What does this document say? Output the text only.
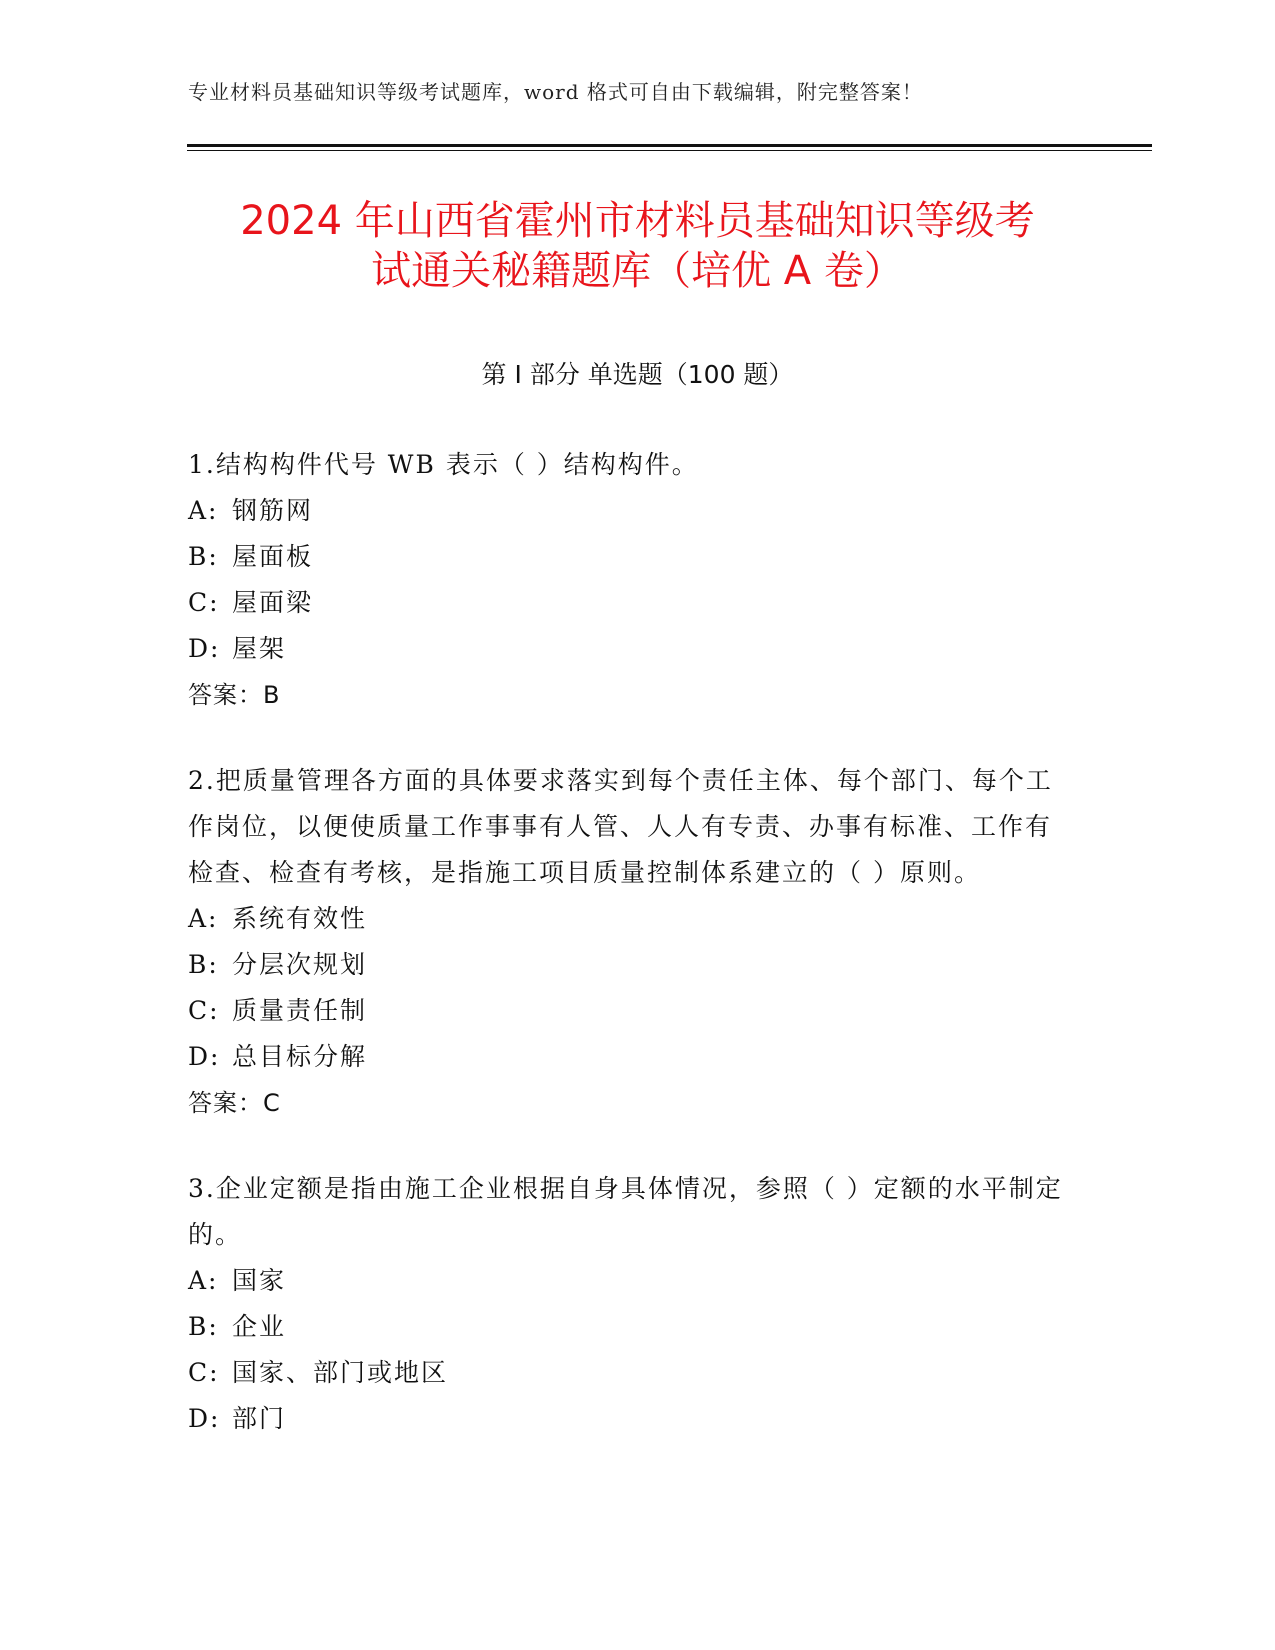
专业材料员基础知识等级考试题库，word 格式可自由下载编辑，附完整答案！
2024 年山西省霍州市材料员基础知识等级考
试通关秘籍题库（培优 A 卷）
第 I 部分 单选题（100 题）
1.结构构件代号 WB 表示（ ）结构构件。
A: 钢筋网
B: 屋面板
C: 屋面梁
D: 屋架
答案：B
2.把质量管理各方面的具体要求落实到每个责任主体、每个部门、每个工作岗位，以便使质量工作事事有人管、人人有专责、办事有标准、工作有检查、检查有考核，是指施工项目质量控制体系建立的（ ）原则。
A: 系统有效性
B: 分层次规划
C: 质量责任制
D: 总目标分解
答案：C
3.企业定额是指由施工企业根据自身具体情况，参照（ ）定额的水平制定的。
A: 国家
B: 企业
C: 国家、部门或地区
D: 部门
